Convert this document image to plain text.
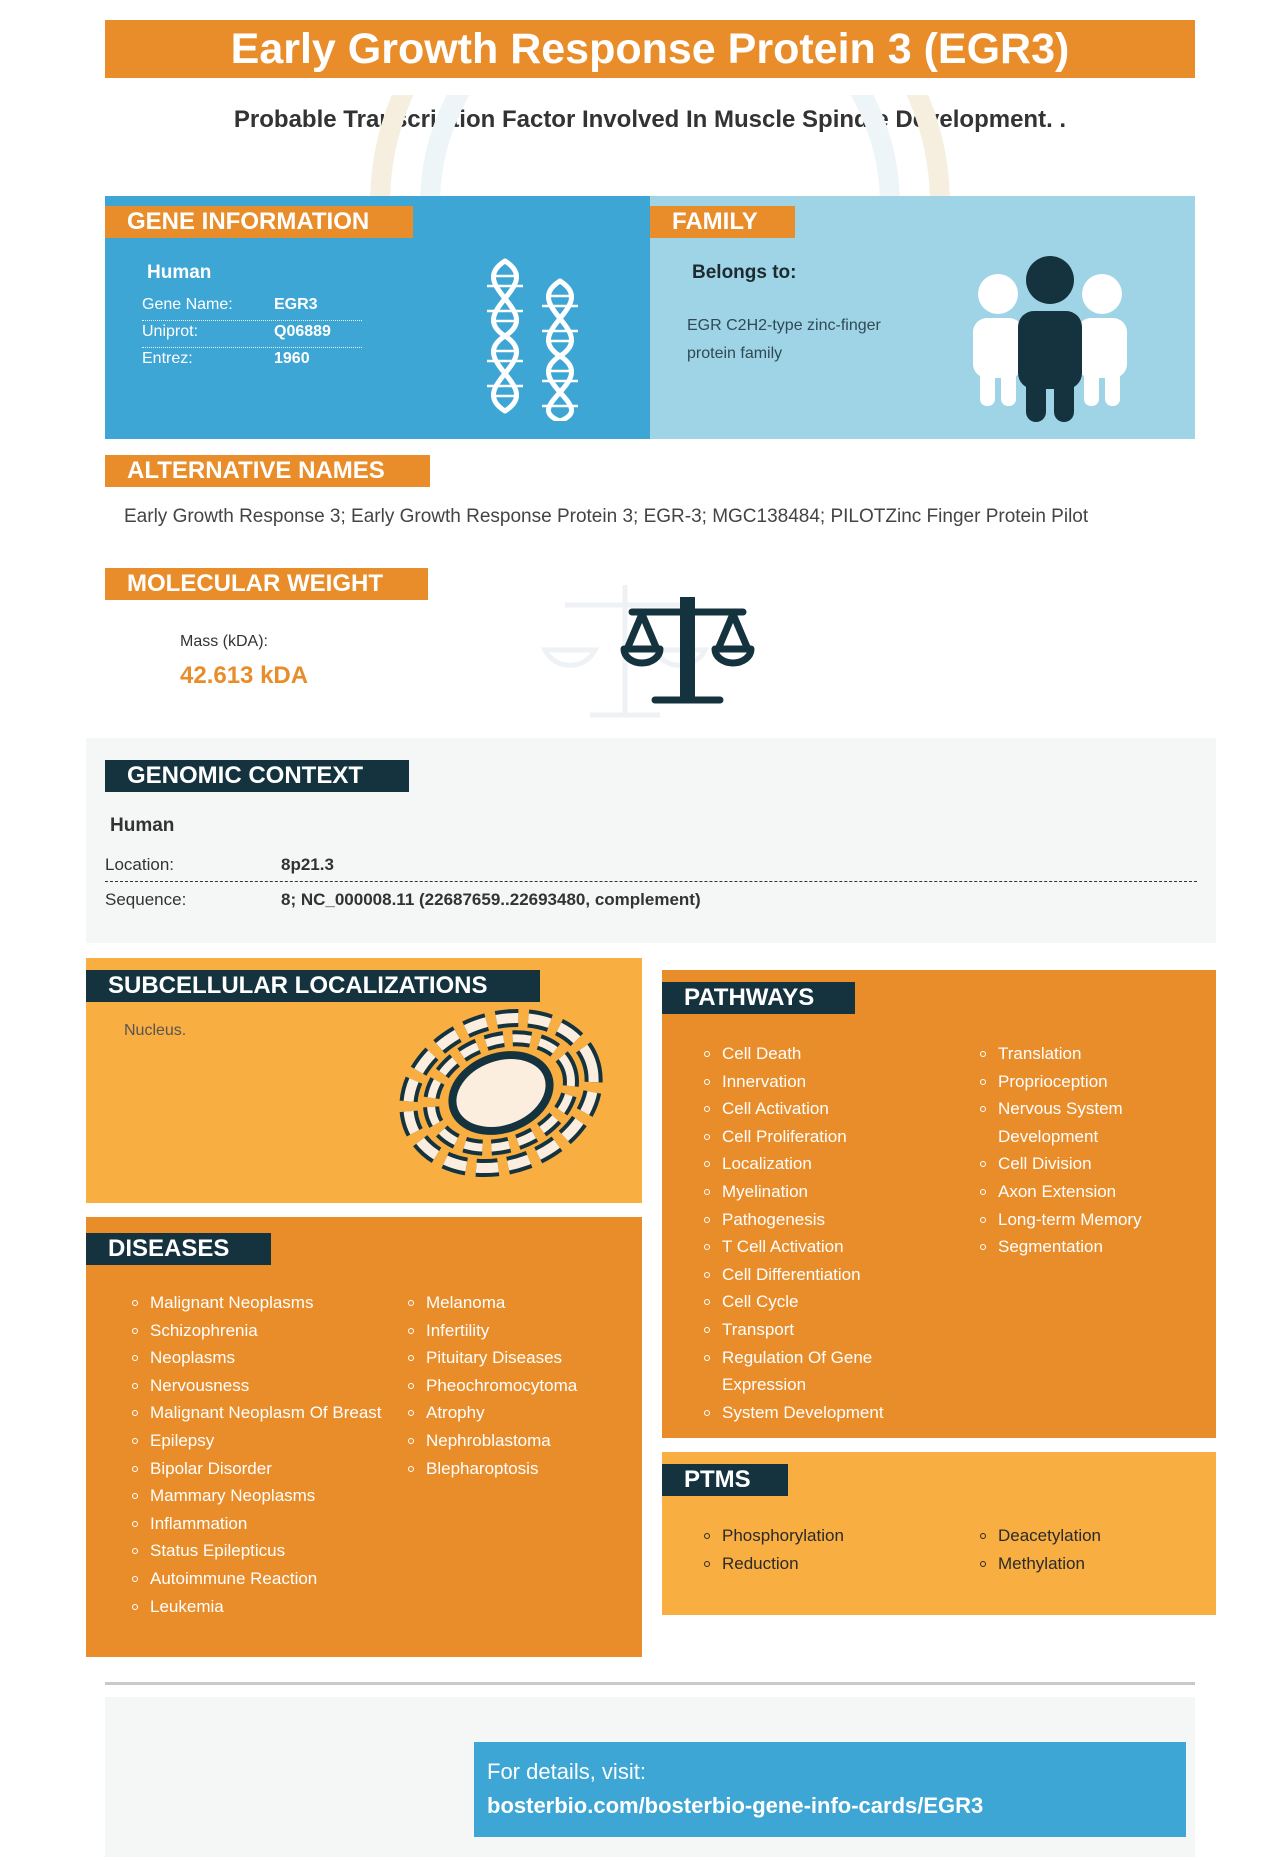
Early Growth Response Protein 3 (EGR3)
Probable Transcription Factor Involved In Muscle Spindle Development. .
GENE INFORMATION
Human
Gene Name:	EGR3
Uniprot:	Q06889
Entrez:	1960
FAMILY
Belongs to:
EGR C2H2-type zinc-finger
protein family
ALTERNATIVE NAMES
Early Growth Response 3; Early Growth Response Protein 3; EGR-3; MGC138484; PILOTZinc Finger Protein Pilot
MOLECULAR WEIGHT
Mass (kDA):
42.613 kDA
GENOMIC CONTEXT
Human
Location:	8p21.3
Sequence:	8; NC_000008.11 (22687659..22693480, complement)
SUBCELLULAR LOCALIZATIONS
Nucleus.
DISEASES
Malignant Neoplasms
Schizophrenia
Neoplasms
Nervousness
Malignant Neoplasm Of Breast
Epilepsy
Bipolar Disorder
Mammary Neoplasms
Inflammation
Status Epilepticus
Autoimmune Reaction
Leukemia
Melanoma
Infertility
Pituitary Diseases
Pheochromocytoma
Atrophy
Nephroblastoma
Blepharoptosis
PATHWAYS
Cell Death
Innervation
Cell Activation
Cell Proliferation
Localization
Myelination
Pathogenesis
T Cell Activation
Cell Differentiation
Cell Cycle
Transport
Regulation Of Gene Expression
System Development
Translation
Proprioception
Nervous System Development
Cell Division
Axon Extension
Long-term Memory
Segmentation
PTMS
Phosphorylation
Reduction
Deacetylation
Methylation
For details, visit:
bosterbio.com/bosterbio-gene-info-cards/EGR3
